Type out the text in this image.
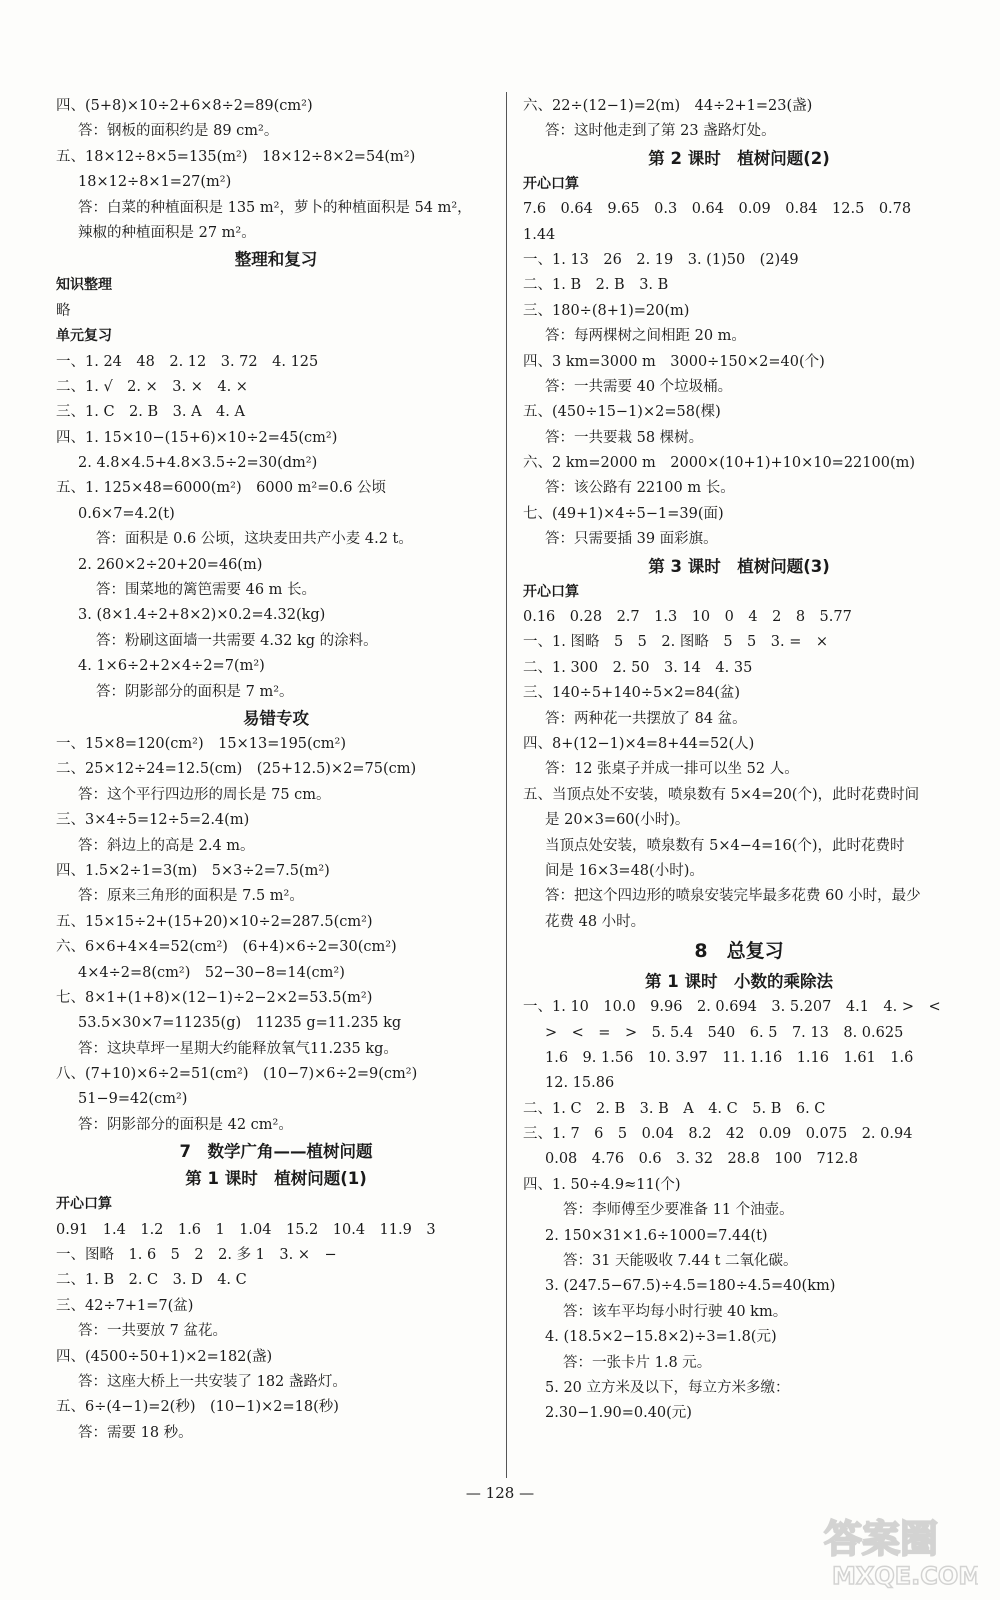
四、(5+8)×10÷2+6×8÷2=89(cm²)
答：钢板的面积约是 89 cm²。
五、18×12÷8×5=135(m²)　18×12÷8×2=54(m²)
18×12÷8×1=27(m²)
答：白菜的种植面积是 135 m²，萝卜的种植面积是 54 m²，
辣椒的种植面积是 27 m²。
整理和复习
知识整理
略
单元复习
一、1. 24　48　2. 12　3. 72　4. 125
二、1. √　2. ×　3. ×　4. ×
三、1. C　2. B　3. A　4. A
四、1. 15×10−(15+6)×10÷2=45(cm²)
2. 4.8×4.5+4.8×3.5÷2=30(dm²)
五、1. 125×48=6000(m²)　6000 m²=0.6 公顷
0.6×7=4.2(t)
答：面积是 0.6 公顷，这块麦田共产小麦 4.2 t。
2. 260×2÷20+20=46(m)
答：围菜地的篱笆需要 46 m 长。
3. (8×1.4÷2+8×2)×0.2=4.32(kg)
答：粉刷这面墙一共需要 4.32 kg 的涂料。
4. 1×6÷2+2×4÷2=7(m²)
答：阴影部分的面积是 7 m²。
易错专攻
一、15×8=120(cm²)　15×13=195(cm²)
二、25×12÷24=12.5(cm)　(25+12.5)×2=75(cm)
答：这个平行四边形的周长是 75 cm。
三、3×4÷5=12÷5=2.4(m)
答：斜边上的高是 2.4 m。
四、1.5×2÷1=3(m)　5×3÷2=7.5(m²)
答：原来三角形的面积是 7.5 m²。
五、15×15÷2+(15+20)×10÷2=287.5(cm²)
六、6×6+4×4=52(cm²)　(6+4)×6÷2=30(cm²)
4×4÷2=8(cm²)　52−30−8=14(cm²)
七、8×1+(1+8)×(12−1)÷2−2×2=53.5(m²)
53.5×30×7=11235(g)　11235 g=11.235 kg
答：这块草坪一星期大约能释放氧气11.235 kg。
八、(7+10)×6÷2=51(cm²)　(10−7)×6÷2=9(cm²)
51−9=42(cm²)
答：阴影部分的面积是 42 cm²。
7　数学广角——植树问题
第 1 课时　植树问题(1)
开心口算
0.91　1.4　1.2　1.6　1　1.04　15.2　10.4　11.9　3
一、图略　1. 6　5　2　2. 多 1　3. ×　−
二、1. B　2. C　3. D　4. C
三、42÷7+1=7(盆)
答：一共要放 7 盆花。
四、(4500÷50+1)×2=182(盏)
答：这座大桥上一共安装了 182 盏路灯。
五、6÷(4−1)=2(秒)　(10−1)×2=18(秒)
答：需要 18 秒。
六、22÷(12−1)=2(m)　44÷2+1=23(盏)
答：这时他走到了第 23 盏路灯处。
第 2 课时　植树问题(2)
开心口算
7.6　0.64　9.65　0.3　0.64　0.09　0.84　12.5　0.78
1.44
一、1. 13　26　2. 19　3. (1)50　(2)49
二、1. B　2. B　3. B
三、180÷(8+1)=20(m)
答：每两棵树之间相距 20 m。
四、3 km=3000 m　3000÷150×2=40(个)
答：一共需要 40 个垃圾桶。
五、(450÷15−1)×2=58(棵)
答：一共要栽 58 棵树。
六、2 km=2000 m　2000×(10+1)+10×10=22100(m)
答：该公路有 22100 m 长。
七、(49+1)×4÷5−1=39(面)
答：只需要插 39 面彩旗。
第 3 课时　植树问题(3)
开心口算
0.16　0.28　2.7　1.3　10　0　4　2　8　5.77
一、1. 图略　5　5　2. 图略　5　5　3. =　×
二、1. 300　2. 50　3. 14　4. 35
三、140÷5+140÷5×2=84(盆)
答：两种花一共摆放了 84 盆。
四、8+(12−1)×4=8+44=52(人)
答：12 张桌子并成一排可以坐 52 人。
五、当顶点处不安装，喷泉数有 5×4=20(个)，此时花费时间
是 20×3=60(小时)。
当顶点处安装，喷泉数有 5×4−4=16(个)，此时花费时
间是 16×3=48(小时)。
答：把这个四边形的喷泉安装完毕最多花费 60 小时，最少
花费 48 小时。
8　总复习
第 1 课时　小数的乘除法
一、1. 10　10.0　9.96　2. 0.694　3. 5.207　4.1　4. >　<
>　<　=　>　5. 5.4　540　6. 5　7. 13　8. 0.625
1.6　9. 1.56　10. 3.97　11. 1.16̇　1.16　1.61　1.6̇
12. 15.86
二、1. C　2. B　3. B　A　4. C　5. B　6. C
三、1. 7　6　5　0.04　8.2　42　0.09　0.075　2. 0.94
0.08　4.76　0.6　3. 32　28.8　100　712.8
四、1. 50÷4.9≈11(个)
答：李师傅至少要准备 11 个油壶。
2. 150×31×1.6÷1000=7.44(t)
答：31 天能吸收 7.44 t 二氧化碳。
3. (247.5−67.5)÷4.5=180÷4.5=40(km)
答：该车平均每小时行驶 40 km。
4. (18.5×2−15.8×2)÷3=1.8(元)
答：一张卡片 1.8 元。
5. 20 立方米及以下，每立方米多缴：
2.30−1.90=0.40(元)
— 128 —
答案圈
MXQE.COM
